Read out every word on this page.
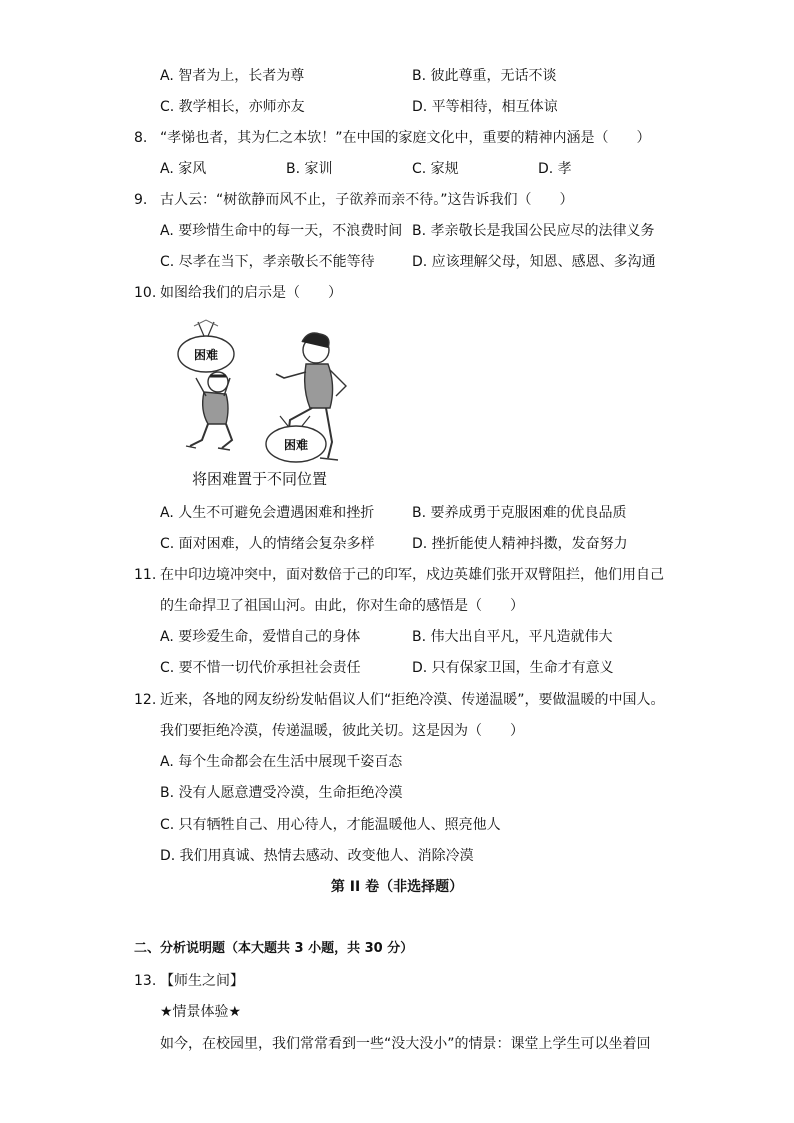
A. 智者为上，长者为尊	B. 彼此尊重，无话不谈
C. 教学相长，亦师亦友	D. 平等相待，相互体谅
8. “孝悌也者，其为仁之本欤！”在中国的家庭文化中，重要的精神内涵是（　　）
A. 家风	B. 家训	C. 家规	D. 孝
9. 古人云：“树欲静而风不止，子欲养而亲不待。”这告诉我们（　　）
A. 要珍惜生命中的每一天，不浪费时间 B. 孝亲敬长是我国公民应尽的法律义务
C. 尽孝在当下，孝亲敬长不能等待	D. 应该理解父母，知恩、感恩、多沟通
10. 如图给我们的启示是（　　）
困难
困难
将困难置于不同位置
A. 人生不可避免会遭遇困难和挫折	B. 要养成勇于克服困难的优良品质
C. 面对困难，人的情绪会复杂多样	D. 挫折能使人精神抖擞，发奋努力
11. 在中印边境冲突中，面对数倍于己的印军，戍边英雄们张开双臂阻拦，他们用自己
的生命捍卫了祖国山河。由此，你对生命的感悟是（　　）
A. 要珍爱生命，爱惜自己的身体	B. 伟大出自平凡，平凡造就伟大
C. 要不惜一切代价承担社会责任	D. 只有保家卫国，生命才有意义
12. 近来，各地的网友纷纷发帖倡议人们“拒绝冷漠、传递温暖”，要做温暖的中国人。
我们要拒绝冷漠，传递温暖，彼此关切。这是因为（　　）
A. 每个生命都会在生活中展现千姿百态
B. 没有人愿意遭受冷漠，生命拒绝冷漠
C. 只有牺牲自己、用心待人，才能温暖他人、照亮他人
D. 我们用真诚、热情去感动、改变他人、消除冷漠
第 II 卷（非选择题）
二、分析说明题（本大题共 3 小题，共 30 分）
13. 【师生之间】
★情景体验★
如今，在校园里，我们常常看到一些“没大没小”的情景：课堂上学生可以坐着回
